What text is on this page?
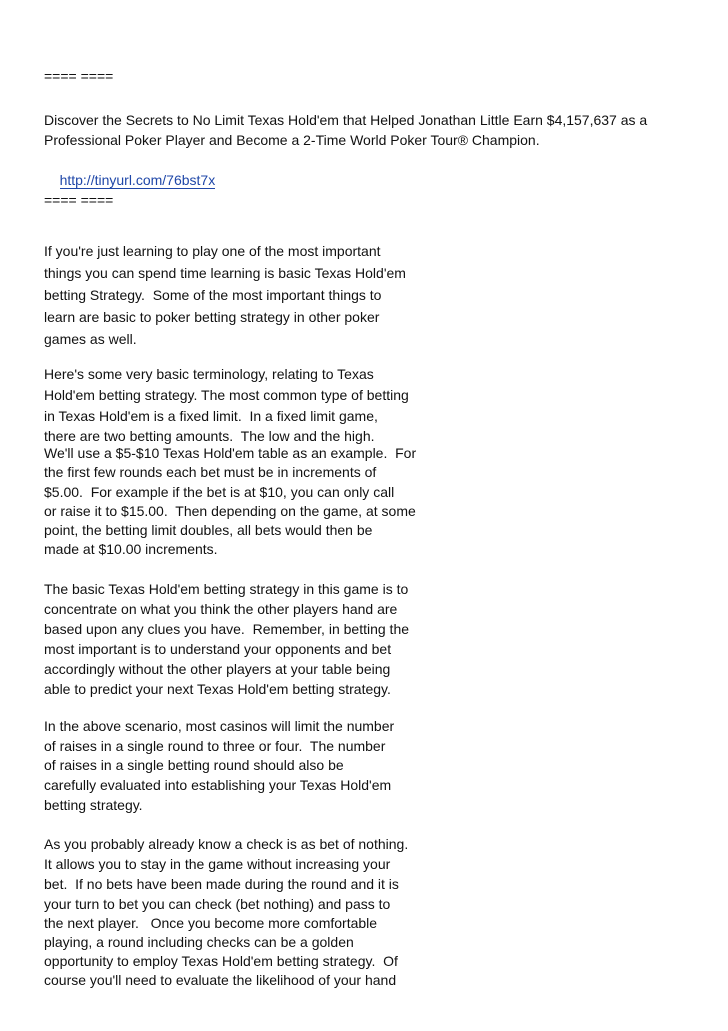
==== ====
Discover the Secrets to No Limit Texas Hold'em that Helped Jonathan Little Earn $4,157,637 as a
Professional Poker Player and Become a 2-Time World Poker Tour® Champion.

http://tinyurl.com/76bst7x

==== ====
If you're just learning to play one of the most important
things you can spend time learning is basic Texas Hold'em
betting Strategy.  Some of the most important things to
learn are basic to poker betting strategy in other poker
games as well.
Here's some very basic terminology, relating to Texas
Hold'em betting strategy. The most common type of betting
in Texas Hold'em is a fixed limit.  In a fixed limit game,
there are two betting amounts.  The low and the high.
We'll use a $5-$10 Texas Hold'em table as an example.  For
the first few rounds each bet must be in increments of
$5.00.  For example if the bet is at $10, you can only call
or raise it to $15.00.  Then depending on the game, at some
point, the betting limit doubles, all bets would then be
made at $10.00 increments.
The basic Texas Hold'em betting strategy in this game is to
concentrate on what you think the other players hand are
based upon any clues you have.  Remember, in betting the
most important is to understand your opponents and bet
accordingly without the other players at your table being
able to predict your next Texas Hold'em betting strategy.
In the above scenario, most casinos will limit the number
of raises in a single round to three or four.  The number
of raises in a single betting round should also be
carefully evaluated into establishing your Texas Hold'em
betting strategy.
As you probably already know a check is as bet of nothing.
It allows you to stay in the game without increasing your
bet.  If no bets have been made during the round and it is
your turn to bet you can check (bet nothing) and pass to
the next player.   Once you become more comfortable
playing, a round including checks can be a golden
opportunity to employ Texas Hold'em betting strategy.  Of
course you'll need to evaluate the likelihood of your hand
